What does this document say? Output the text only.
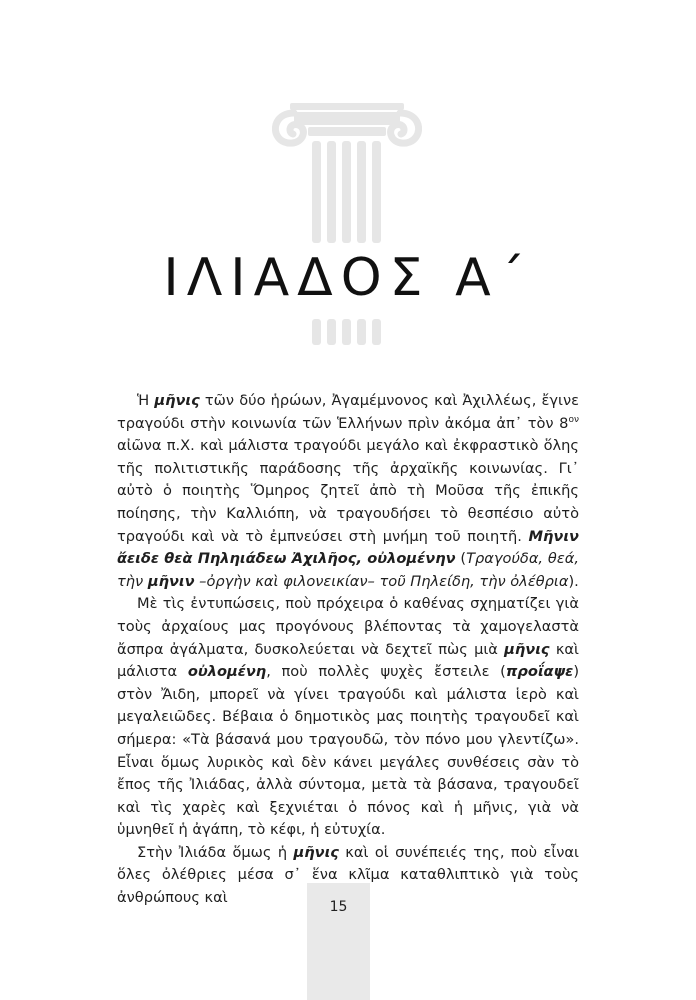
ΙΛΙΑΔΟΣ Α΄

Ἡ μῆνις τῶν δύο ἡρώων, Ἀγαμέμνονος καὶ Ἀχιλλέως, ἔγινε τραγούδι στὴν κοινωνία τῶν Ἑλλήνων πρὶν ἀκόμα ἀπ᾽ τὸν $8^{o\nu}$ αἰῶνα π.Χ. καὶ μάλιστα τραγούδι μεγάλο καὶ ἐκφραστικὸ ὅλης τῆς πολιτιστικῆς παράδοσης τῆς ἀρχαϊκῆς κοινωνίας. Γι᾽ αὐτὸ ὁ ποιητὴς Ὅμηρος ζητεῖ ἀπὸ τὴ Μοῦσα τῆς ἐπικῆς ποίησης, τὴν Καλλιόπη, νὰ τραγουδήσει τὸ θεσπέσιο αὐτὸ τραγούδι καὶ νὰ τὸ ἐμπνεύσει στὴ μνήμη τοῦ ποιητῆ. Μῆνιν ἄειδε θεὰ Πηληιάδεω Ἀχιλῆος, οὐλομένην (Τραγούδα, θεά, τὴν μῆνιν –ὀργὴν καὶ φιλονεικίαν– τοῦ Πηλείδη, τὴν ὀλέθρια).

Μὲ τὶς ἐντυπώσεις, ποὺ πρόχειρα ὁ καθένας σχηματίζει γιὰ τοὺς ἀρχαίους μας προγόνους βλέποντας τὰ χαμογελαστὰ ἄσπρα ἀγάλματα, δυσκολεύεται νὰ δεχτεῖ πὼς μιὰ μῆνις καὶ μάλιστα οὐλομένη, ποὺ πολλὲς ψυχὲς ἔστειλε (προΐαψε) στὸν Ἄιδη, μπορεῖ νὰ γίνει τραγούδι καὶ μάλιστα ἱερὸ καὶ μεγαλειῶδες. Βέβαια ὁ δημοτικὸς μας ποιητὴς τραγουδεῖ καὶ σήμερα: «Τὰ βάσανά μου τραγουδῶ, τὸν πόνο μου γλεντίζω». Εἶναι ὅμως λυρικὸς καὶ δὲν κάνει μεγάλες συνθέσεις σὰν τὸ ἔπος τῆς Ἰλιάδας, ἀλλὰ σύντομα, μετὰ τὰ βάσανα, τραγουδεῖ καὶ τὶς χαρὲς καὶ ξεχνιέται ὁ πόνος καὶ ἡ μῆνις, γιὰ νὰ ὑμνηθεῖ ἡ ἀγάπη, τὸ κέφι, ἡ εὐτυχία.

Στὴν Ἰλιάδα ὅμως ἡ μῆνις καὶ οἱ συνέπειές της, ποὺ εἶναι ὅλες ὀλέθριες μέσα σ᾽ ἕνα κλῖμα καταθλιπτικὸ γιὰ τοὺς ἀνθρώπους καὶ

15
